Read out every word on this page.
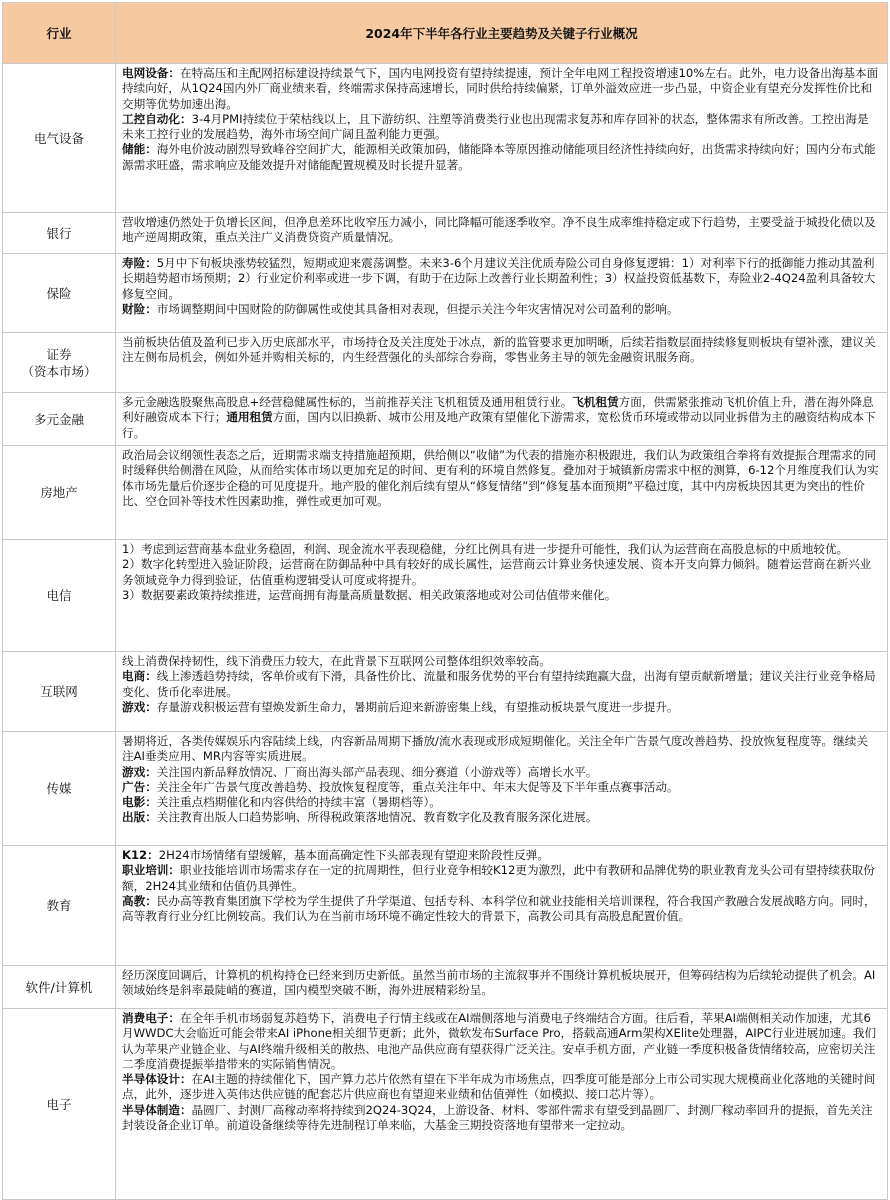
行业	2024年下半年各行业主要趋势及关键子行业概况
电气设备	电网设备：在特高压和主配网招标建设持续景气下，国内电网投资有望持续提速，预计全年电网工程投资增速10%左右。此外，电力设备出海基本面持续向好，从1Q24国内外厂商业绩来看，终端需求保持高速增长，同时供给持续偏紧，订单外溢效应进一步凸显，中资企业有望充分发挥性价比和交期等优势加速出海。

工控自动化：3-4月PMI持续位于荣枯线以上，且下游纺织、注塑等消费类行业也出现需求复苏和库存回补的状态，整体需求有所改善。工控出海是未来工控行业的发展趋势，海外市场空间广阔且盈利能力更强。

储能：海外电价波动剧烈导致峰谷空间扩大，能源相关政策加码，储能降本等原因推动储能项目经济性持续向好，出货需求持续向好；国内分布式能源需求旺盛，需求响应及能效提升对储能配置规模及时长提升显著。

银行	营收增速仍然处于负增长区间，但净息差环比收窄压力减小，同比降幅可能逐季收窄。净不良生成率维持稳定或下行趋势，主要受益于城投化债以及地产逆周期政策，重点关注广义消费贷资产质量情况。

保险	寿险：5月中下旬板块涨势较猛烈，短期或迎来震荡调整。未来3-6个月建议关注优质寿险公司自身修复逻辑：1）对利率下行的抵御能力推动其盈利长期趋势超市场预期；2）行业定价利率或进一步下调，有助于在边际上改善行业长期盈利性；3）权益投资低基数下，寿险业2-4Q24盈利具备较大修复空间。

财险：市场调整期间中国财险的防御属性或使其具备相对表现，但提示关注今年灾害情况对公司盈利的影响。

证券
（资本市场）	当前板块估值及盈利已步入历史底部水平，市场持仓及关注度处于冰点，新的监管要求更加明晰，后续若指数层面持续修复则板块有望补涨，建议关注左侧布局机会，例如外延并购相关标的，内生经营强化的头部综合券商，零售业务主导的领先金融资讯服务商。

多元金融	多元金融选股聚焦高股息+经营稳健属性标的，当前推荐关注飞机租赁及通用租赁行业。飞机租赁方面，供需紧张推动飞机价值上升，潜在海外降息利好融资成本下行；通用租赁方面，国内以旧换新、城市公用及地产政策有望催化下游需求，宽松货币环境或带动以同业拆借为主的融资结构成本下行。

房地产	政治局会议纲领性表态之后，近期需求端支持措施超预期，供给侧以“收储”为代表的措施亦积极跟进，我们认为政策组合拳将有效提振合理需求的同时缓释供给侧潜在风险，从而给实体市场以更加充足的时间、更有利的环境自然修复。叠加对于城镇新房需求中枢的测算，6-12个月维度我们认为实体市场先量后价逐步企稳的可见度提升。地产股的催化剂后续有望从“修复情绪”到“修复基本面预期”平稳过度，其中内房板块因其更为突出的性价比、空仓回补等技术性因素助推，弹性或更加可观。

电信	1）考虑到运营商基本盘业务稳固，利润、现金流水平表现稳健，分红比例具有进一步提升可能性，我们认为运营商在高股息标的中质地较优。

2）数字化转型进入验证阶段，运营商在防御品种中具有较好的成长属性，运营商云计算业务快速发展、资本开支向算力倾斜。随着运营商在新兴业务领域竞争力得到验证，估值重构逻辑受认可度或将提升。

3）数据要素政策持续推进，运营商拥有海量高质量数据、相关政策落地或对公司估值带来催化。

互联网	线上消费保持韧性，线下消费压力较大，在此背景下互联网公司整体组织效率较高。

电商：线上渗透趋势持续，客单价或有下滑，具备性价比、流量和服务优势的平台有望持续跑赢大盘，出海有望贡献新增量；建议关注行业竞争格局变化、货币化率进展。

游戏：存量游戏积极运营有望焕发新生命力，暑期前后迎来新游密集上线，有望推动板块景气度进一步提升。

传媒	暑期将近，各类传媒娱乐内容陆续上线，内容新品周期下播放/流水表现或形成短期催化。关注全年广告景气度改善趋势、投放恢复程度等。继续关注AI垂类应用、MR内容等实质进展。

游戏：关注国内新品释放情况、厂商出海头部产品表现、细分赛道（小游戏等）高增长水平。

广告：关注全年广告景气度改善趋势、投放恢复程度等，重点关注年中、年末大促等及下半年重点赛事活动。

电影：关注重点档期催化和内容供给的持续丰富（暑期档等）。

出版：关注教育出版人口趋势影响、所得税政策落地情况、教育数字化及教育服务深化进展。

教育	K12：2H24市场情绪有望缓解，基本面高确定性下头部表现有望迎来阶段性反弹。

职业培训：职业技能培训市场需求存在一定的抗周期性，但行业竞争相较K12更为激烈，此中有教研和品牌优势的职业教育龙头公司有望持续获取份额，2H24其业绩和估值仍具弹性。

高教：民办高等教育集团旗下学校为学生提供了升学渠道、包括专科、本科学位和就业技能相关培训课程，符合我国产教融合发展战略方向。同时，高等教育行业分红比例较高。我们认为在当前市场环境不确定性较大的背景下，高教公司具有高股息配置价值。

软件/计算机	经历深度回调后，计算机的机构持仓已经来到历史新低。虽然当前市场的主流叙事并不围绕计算机板块展开，但筹码结构为后续轮动提供了机会。AI领域始终是斜率最陡峭的赛道，国内模型突破不断，海外进展精彩纷呈。

电子	消费电子：在全年手机市场弱复苏趋势下，消费电子行情主线或在AI端侧落地与消费电子终端结合方面。往后看，苹果AI端侧相关动作加速，尤其6月WWDC大会临近可能会带来AI iPhone相关细节更新；此外，微软发布Surface Pro，搭载高通Arm架构XElite处理器，AIPC行业进展加速。我们认为苹果产业链企业、与AI终端升级相关的散热、电池产品供应商有望获得广泛关注。安卓手机方面，产业链一季度积极备货情绪较高，应密切关注二季度消费提振举措带来的实际销售情况。

半导体设计：在AI主题的持续催化下，国产算力芯片依然有望在下半年成为市场焦点，四季度可能是部分上市公司实现大规模商业化落地的关键时间点，此外，逐步进入英伟达供应链的配套芯片供应商也有望迎来业绩和估值弹性（如模拟、接口芯片等）。

半导体制造：晶圆厂、封测厂高稼动率将持续到2Q24-3Q24，上游设备、材料、零部件需求有望受到晶圆厂、封测厂稼动率回升的提振，首先关注封装设备企业订单。前道设备继续等待先进制程订单来临，大基金三期投资落地有望带来一定拉动。
